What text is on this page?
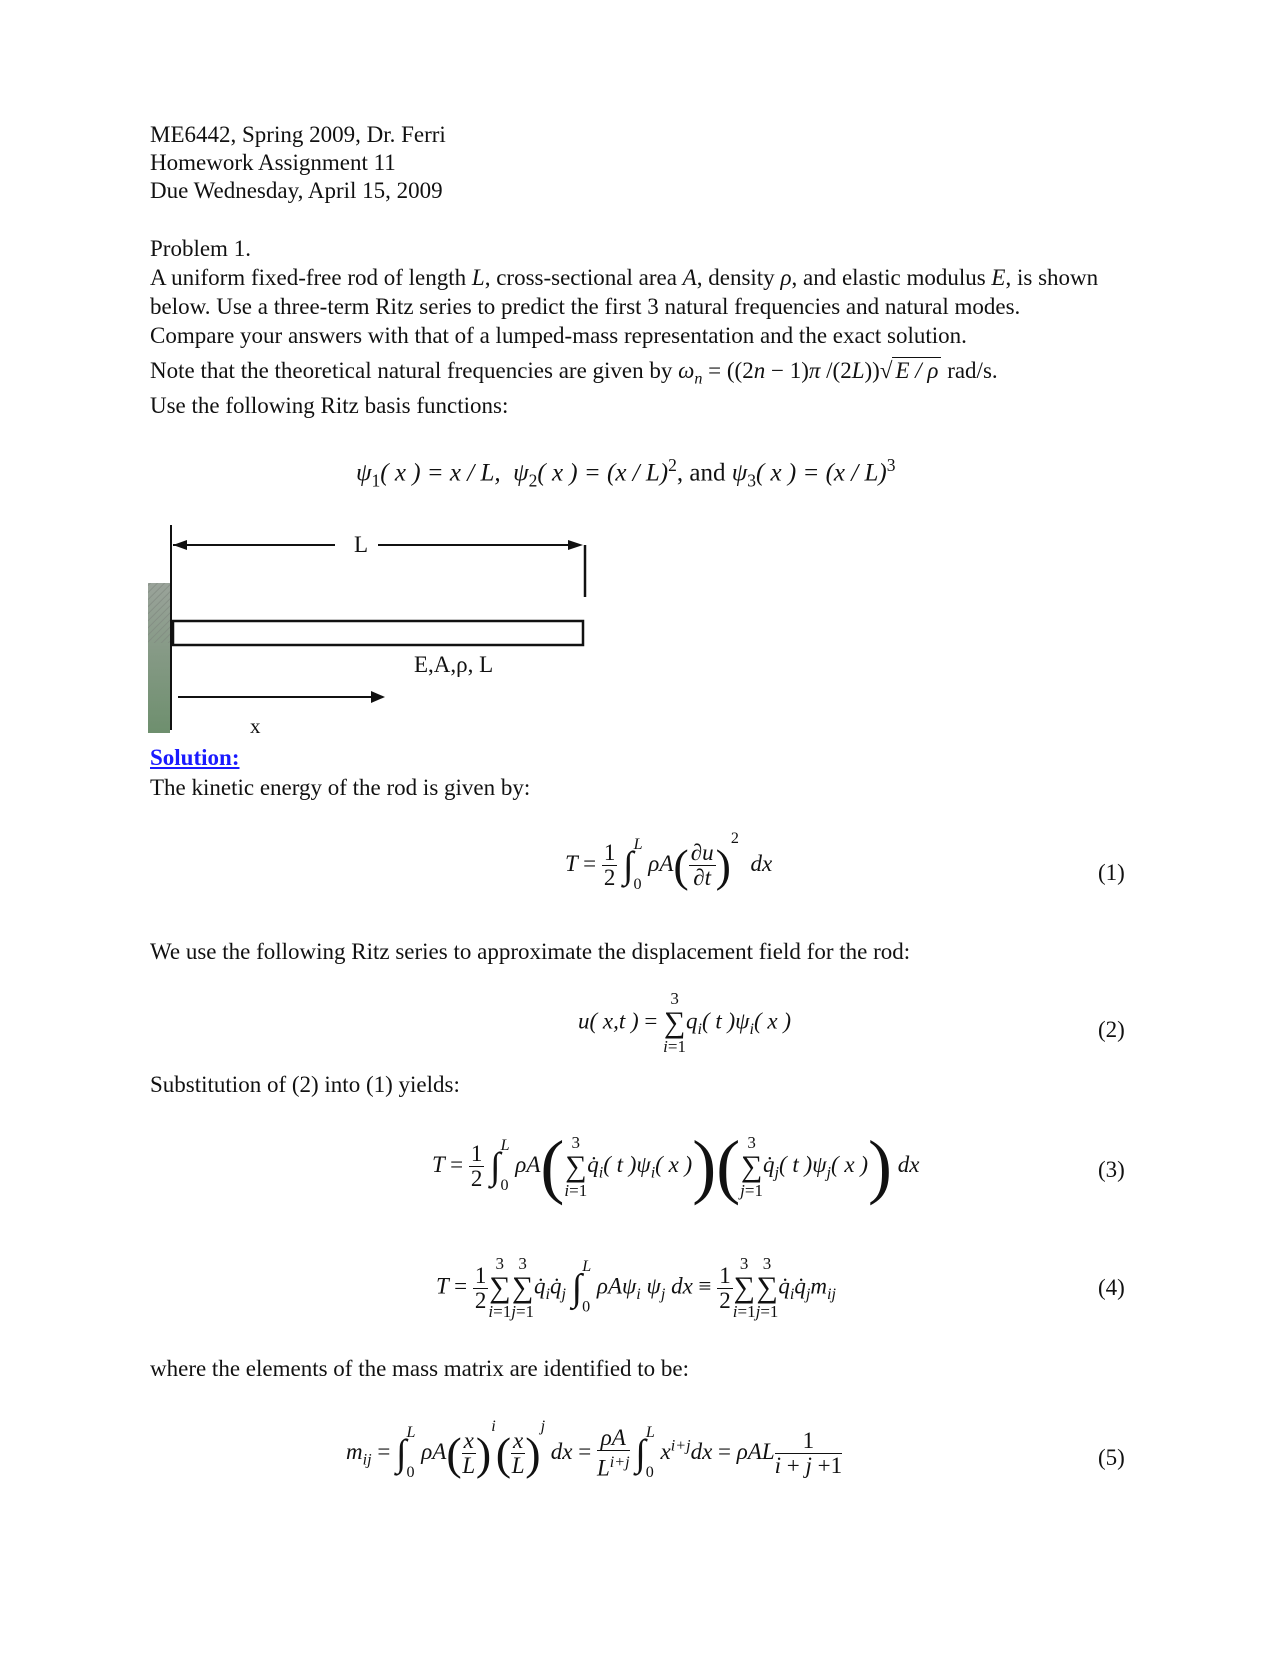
ME6442, Spring 2009, Dr. Ferri
Homework Assignment 11
Due Wednesday, April 15, 2009
Problem 1.
A uniform fixed-free rod of length L, cross-sectional area A, density ρ, and elastic modulus E, is shown below. Use a three-term Ritz series to predict the first 3 natural frequencies and natural modes. Compare your answers with that of a lumped-mass representation and the exact solution.
Note that the theoretical natural frequencies are given by $\omega_n = ((2n - 1)\pi$ /(2L))√ E / ρ rad/s.
Use the following Ritz basis functions:
$\psi_1$( x ) = x / L,  $\psi_2$( x ) = (x / L)$^2$, and $\psi_3$( x ) = (x / L)$^3$
L
E,A,ρ, L
x
Solution:
The kinetic energy of the rod is given by:
$T = \frac{1}{2} \int_0^L$ $\rho A( \frac{\partial u}{\partial t} )^2$  dx	(1)
We use the following Ritz series to approximate the displacement field for the rod:
u( x,t ) =
3
∑
i=1
$q_i$( t )$\psi_i$( x )	(2)
Substitution of (2) into (1) yields:
$T = \frac{1}{2} \int_0^L$ ρA( 3
∑
i=1
$q̇_i$( t )$\psi_i$( x ))( 3
∑
j=1
$q̇_j$( t )$\psi_j$( x )) dx	(3)
$T = \frac{1}{2} 3$
∑
i=1
3
∑
j=1
$q̇_iq̇_j$ $\int_0^L$ ρAψ$_i$ $\psi_j$ dx ≡ $\frac{1}{2} 3$
∑
i=1
3
∑
j=1
$q̇_iq̇_jm_{ij}$	(4)
where the elements of the mass matrix are identified to be:
$m_{ij} = \int_0^L$ $\rho A( \frac{x}{L} )^i( \frac{x}{L} )^j$ dx = $\frac{\rho A}{L^{i+j}} \int_0^L$ $x^{i+j}dx = \rho AL \frac{1}{i + j +1}$	(5)
